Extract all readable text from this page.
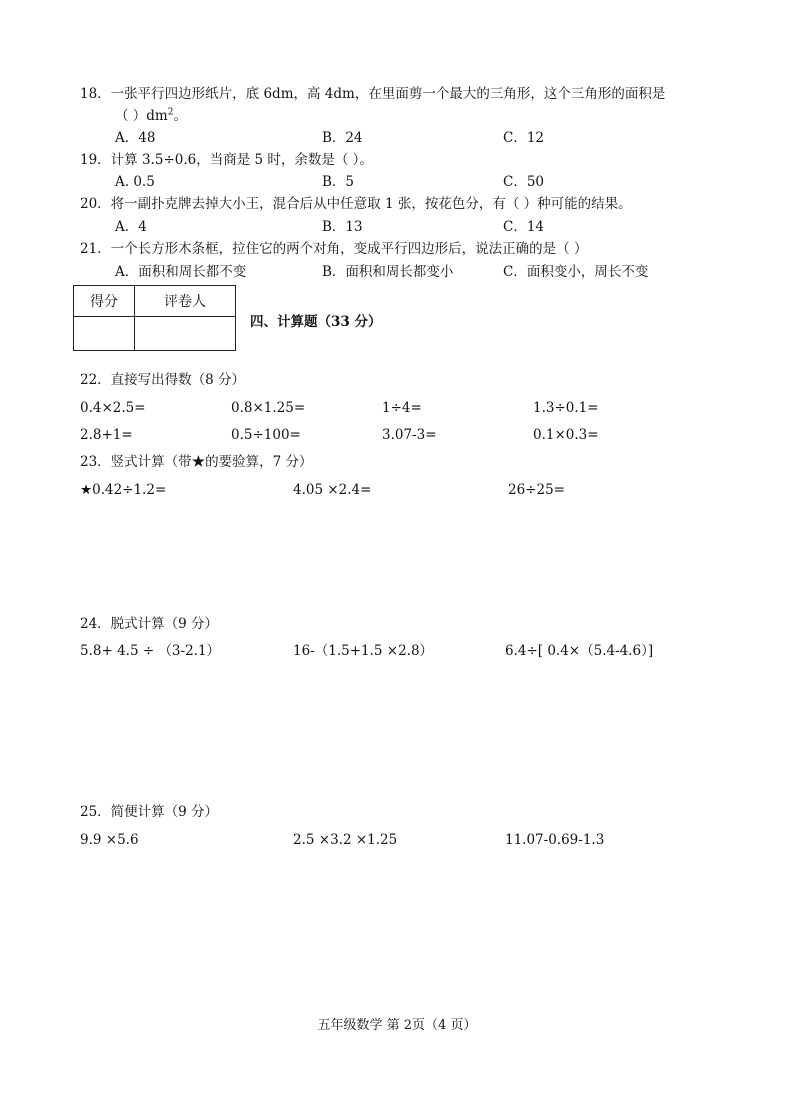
18．一张平行四边形纸片，底 6dm，高 4dm，在里面剪一个最大的三角形，这个三角形的面积是
（ ）$dm^2$。
A．48	B．24	C．12
19．计算 3.5÷0.6，当商是 5 时，余数是（ ）。
A. 0.5	B．5	C．50
20．将一副扑克牌去掉大小王，混合后从中任意取 1 张，按花色分，有（ ）种可能的结果。
A．4	B．13	C．14
21．一个长方形木条框，拉住它的两个对角，变成平行四边形后，说法正确的是（ ）
A．面积和周长都不变	B．面积和周长都变小	C．面积变小，周长不变
得分	评卷人

四、计算题（33 分）
22．直接写出得数（8 分）
0.4×2.5=	0.8×1.25=	1÷4=	1.3÷0.1=
2.8+1=	0.5÷100=	3.07-3=	0.1×0.3=
23．竖式计算（带★的要验算，7 分）
★0.42÷1.2=	4.05 ×2.4=	26÷25=
24．脱式计算（9 分）
5.8+ 4.5 ÷ （3-2.1）	16-（1.5+1.5 ×2.8）	6.4÷[ 0.4×（5.4-4.6）]
25．简便计算（9 分）
9.9 ×5.6	2.5 ×3.2 ×1.25	11.07-0.69-1.3
五年级数学 第 2页（4 页）
